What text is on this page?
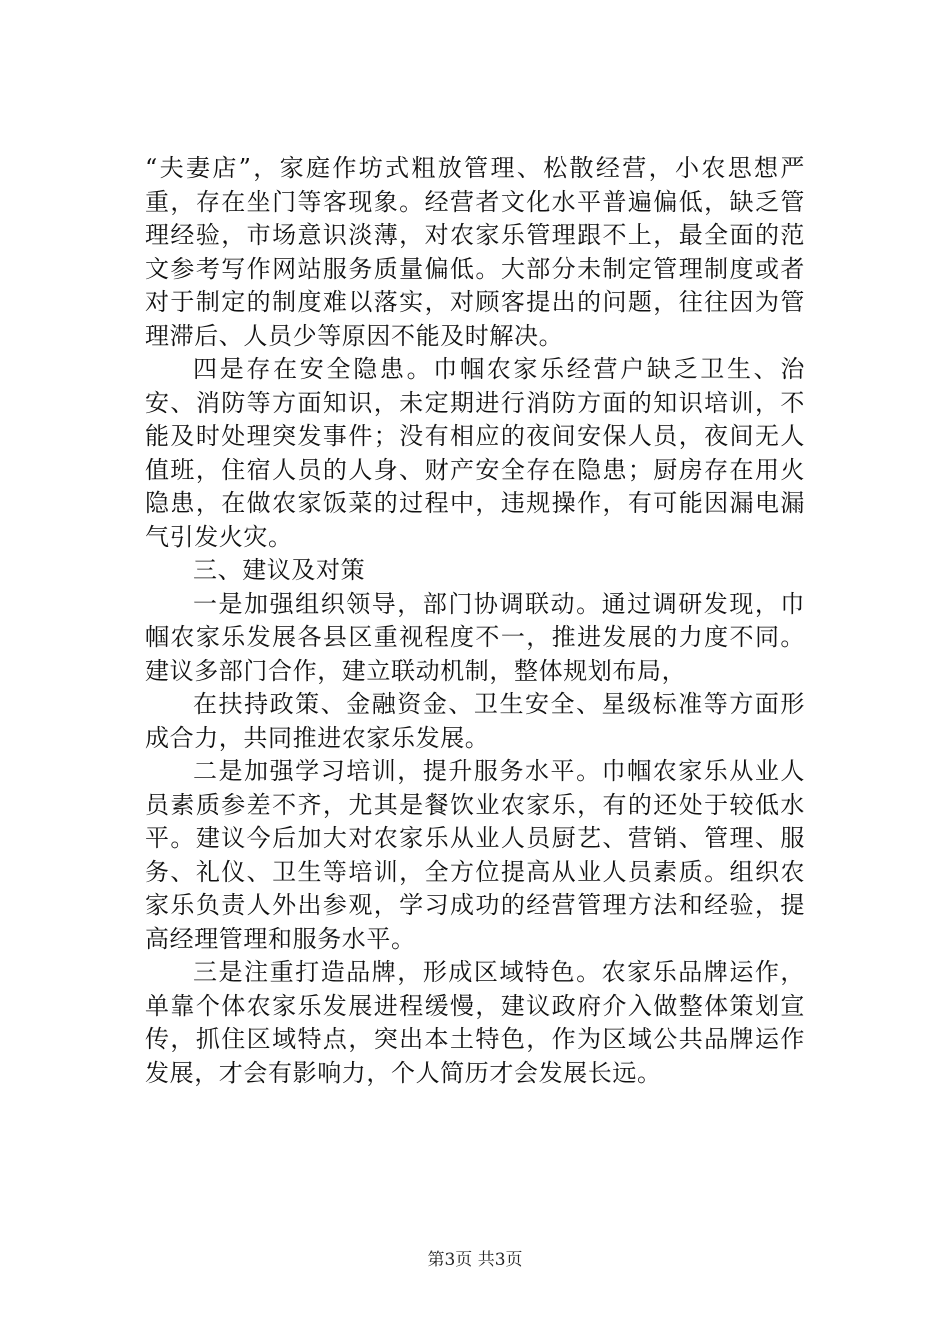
“夫妻店”，家庭作坊式粗放管理、松散经营，小农思想严重，存在坐门等客现象。经营者文化水平普遍偏低，缺乏管理经验，市场意识淡薄，对农家乐管理跟不上，最全面的范文参考写作网站服务质量偏低。大部分未制定管理制度或者对于制定的制度难以落实，对顾客提出的问题，往往因为管理滞后、人员少等原因不能及时解决。

四是存在安全隐患。巾帼农家乐经营户缺乏卫生、治安、消防等方面知识，未定期进行消防方面的知识培训，不能及时处理突发事件；没有相应的夜间安保人员，夜间无人值班，住宿人员的人身、财产安全存在隐患；厨房存在用火隐患，在做农家饭菜的过程中，违规操作，有可能因漏电漏气引发火灾。

三、建议及对策

一是加强组织领导，部门协调联动。通过调研发现，巾帼农家乐发展各县区重视程度不一，推进发展的力度不同。建议多部门合作，建立联动机制，整体规划布局，

在扶持政策、金融资金、卫生安全、星级标准等方面形成合力，共同推进农家乐发展。

二是加强学习培训，提升服务水平。巾帼农家乐从业人员素质参差不齐，尤其是餐饮业农家乐，有的还处于较低水平。建议今后加大对农家乐从业人员厨艺、营销、管理、服务、礼仪、卫生等培训，全方位提高从业人员素质。组织农家乐负责人外出参观，学习成功的经营管理方法和经验，提高经理管理和服务水平。

三是注重打造品牌，形成区域特色。农家乐品牌运作，单靠个体农家乐发展进程缓慢，建议政府介入做整体策划宣传，抓住区域特点，突出本土特色，作为区域公共品牌运作发展，才会有影响力，个人简历才会发展长远。

第3页 共3页
